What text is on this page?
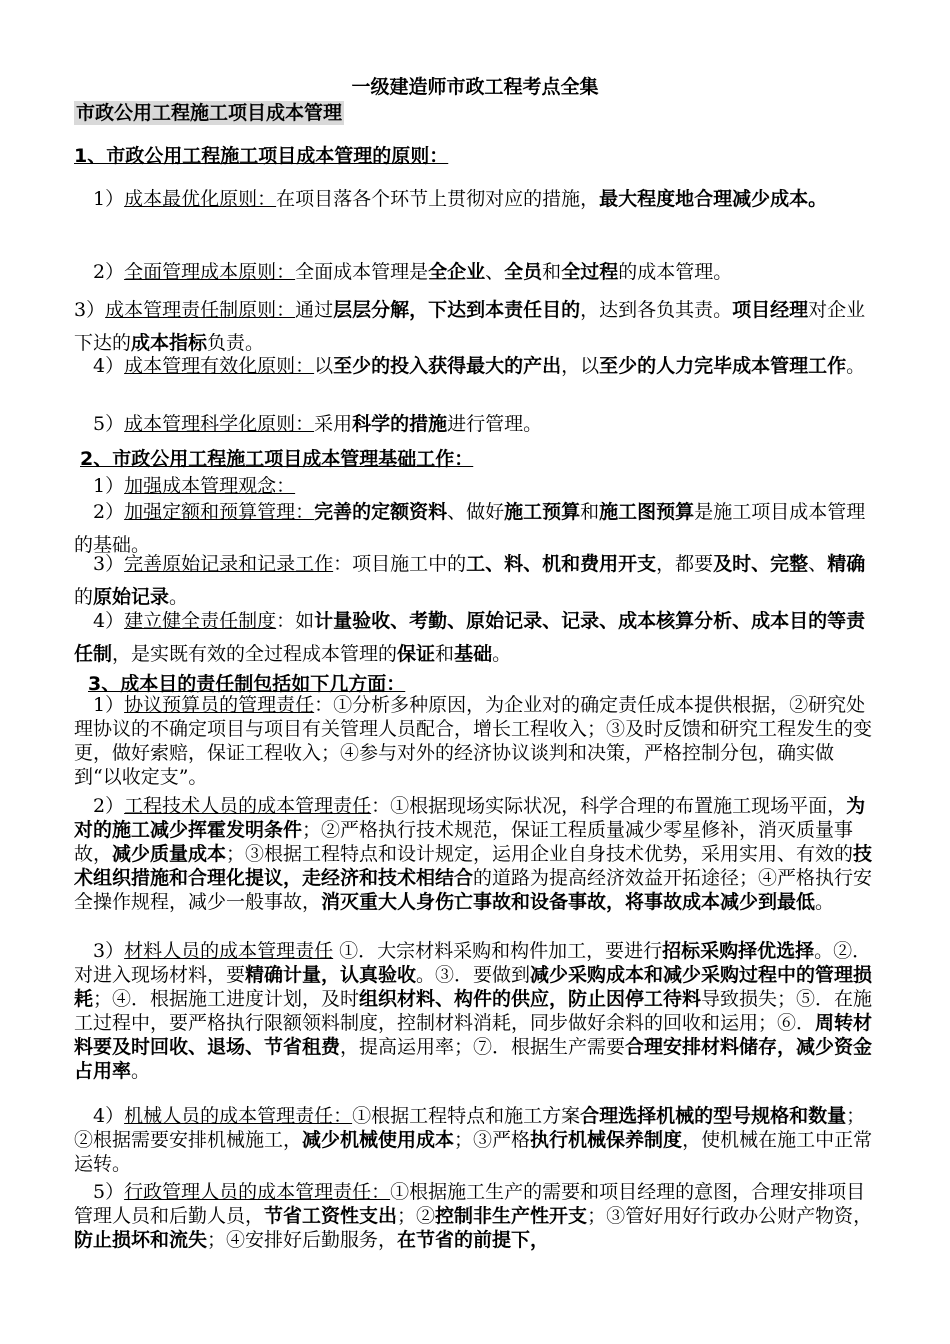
一级建造师市政工程考点全集
市政公用工程施工项目成本管理
1、市政公用工程施工项目成本管理的原则：
　1）成本最优化原则：在项目落各个环节上贯彻对应的措施，最大程度地合理减少成本。
　2）全面管理成本原则：全面成本管理是全企业、全员和全过程的成本管理。
3）成本管理责任制原则：通过层层分解，下达到本责任目的，达到各负其责。项目经理对企业下达的成本指标负责。
　4）成本管理有效化原则：以至少的投入获得最大的产出，以至少的人力完毕成本管理工作。
　5）成本管理科学化原则：采用科学的措施进行管理。
2、市政公用工程施工项目成本管理基础工作：
　1）加强成本管理观念：
　2）加强定额和预算管理：完善的定额资料、做好施工预算和施工图预算是施工项目成本管理的基础。
　3）完善原始记录和记录工作：项目施工中的工、料、机和费用开支，都要及时、完整、精确的原始记录。
　4）建立健全责任制度：如计量验收、考勤、原始记录、记录、成本核算分析、成本目的等责任制，是实既有效的全过程成本管理的保证和基础。
3、成本目的责任制包括如下几方面：
　1）协议预算员的管理责任：①分析多种原因，为企业对的确定责任成本提供根据，②研究处理协议的不确定项目与项目有关管理人员配合，增长工程收入；③及时反馈和研究工程发生的变更，做好索赔，保证工程收入；④参与对外的经济协议谈判和决策，严格控制分包，确实做到“以收定支”。
　2）工程技术人员的成本管理责任：①根据现场实际状况，科学合理的布置施工现场平面，为对的施工减少挥霍发明条件；②严格执行技术规范，保证工程质量减少零星修补，消灭质量事故，减少质量成本；③根据工程特点和设计规定，运用企业自身技术优势，采用实用、有效的技术组织措施和合理化提议，走经济和技术相结合的道路为提高经济效益开拓途径；④严格执行安全操作规程，减少一般事故，消灭重大人身伤亡事故和设备事故，将事故成本减少到最低。
　3）材料人员的成本管理责任 ①．大宗材料采购和构件加工，要进行招标采购择优选择。②．对进入现场材料，要精确计量，认真验收。③．要做到减少采购成本和减少采购过程中的管理损耗；④．根据施工进度计划，及时组织材料、构件的供应，防止因停工待料导致损失；⑤．在施工过程中，要严格执行限额领料制度，控制材料消耗，同步做好余料的回收和运用；⑥．周转材料要及时回收、退场、节省租费，提高运用率；⑦．根据生产需要合理安排材料储存，减少资金占用率。
　4）机械人员的成本管理责任：①根据工程特点和施工方案合理选择机械的型号规格和数量；②根据需要安排机械施工，减少机械使用成本；③严格执行机械保养制度，使机械在施工中正常运转。
　5）行政管理人员的成本管理责任：①根据施工生产的需要和项目经理的意图，合理安排项目管理人员和后勤人员，节省工资性支出；②控制非生产性开支；③管好用好行政办公财产物资，防止损坏和流失；④安排好后勤服务，在节省的前提下，
